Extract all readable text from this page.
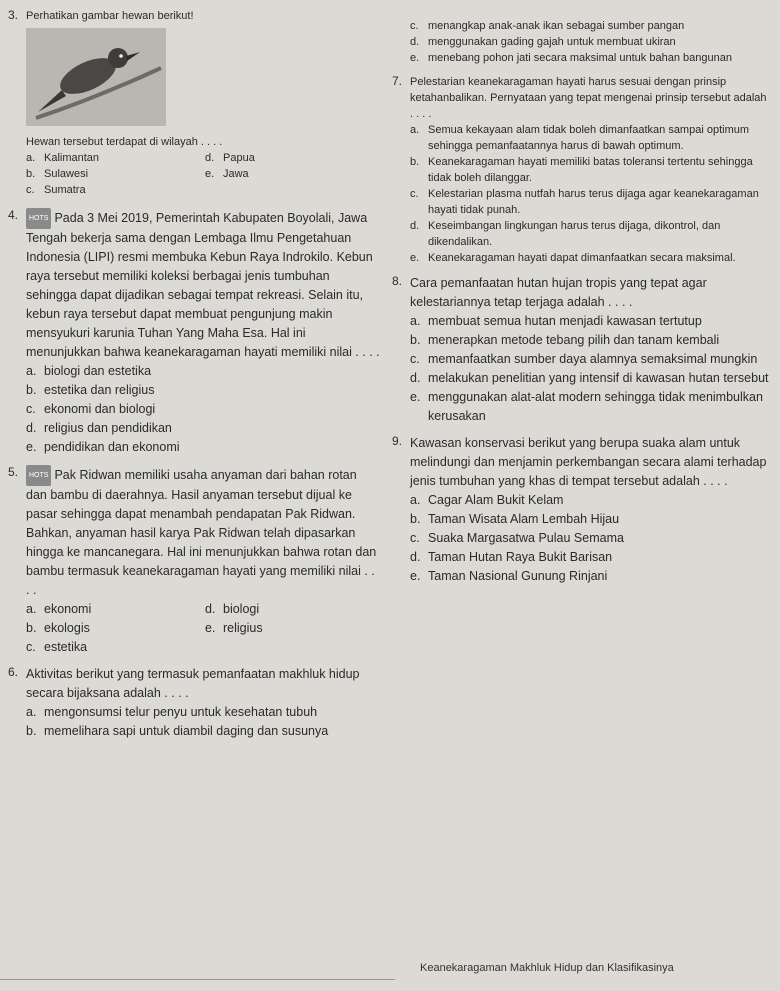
3. Perhatikan gambar hewan berikut!
Hewan tersebut terdapat di wilayah . . . .
a. Kalimantan	d. Papua
b. Sulawesi	e. Jawa
c. Sumatra
4.	HOTS Pada 3 Mei 2019, Pemerintah Kabupaten Boyolali, Jawa Tengah bekerja sama dengan Lembaga Ilmu Pengetahuan Indonesia (LIPI) resmi membuka Kebun Raya Indrokilo. Kebun raya tersebut memiliki koleksi berbagai jenis tumbuhan sehingga dapat dijadikan sebagai tempat rekreasi. Selain itu, kebun raya tersebut dapat membuat pengunjung makin mensyukuri karunia Tuhan Yang Maha Esa. Hal ini menunjukkan bahwa keanekaragaman hayati memiliki nilai . . . .
a. biologi dan estetika
b. estetika dan religius
c. ekonomi dan biologi
d. religius dan pendidikan
e. pendidikan dan ekonomi
5.	HOTS Pak Ridwan memiliki usaha anyaman dari bahan rotan dan bambu di daerahnya. Hasil anyaman tersebut dijual ke pasar sehingga dapat menambah pendapatan Pak Ridwan. Bahkan, anyaman hasil karya Pak Ridwan telah dipasarkan hingga ke mancanegara. Hal ini menunjukkan bahwa rotan dan bambu termasuk keanekaragaman hayati yang memiliki nilai . . . .
a. ekonomi	d. biologi
b. ekologis	e. religius
c. estetika
6. Aktivitas berikut yang termasuk pemanfaatan makhluk hidup secara bijaksana adalah . . . .
a. mengonsumsi telur penyu untuk kesehatan tubuh
b. memelihara sapi untuk diambil daging dan susunya
c. menangkap anak-anak ikan sebagai sumber pangan
d. menggunakan gading gajah untuk membuat ukiran
e. menebang pohon jati secara maksimal untuk bahan bangunan
7. Pelestarian keanekaragaman hayati harus sesuai dengan prinsip ketahanbalikan. Pernyataan yang tepat mengenai prinsip tersebut adalah . . . .
a. Semua kekayaan alam tidak boleh dimanfaatkan sampai optimum sehingga pemanfaatannya harus di bawah optimum.
b. Keanekaragaman hayati memiliki batas toleransi tertentu sehingga tidak boleh dilanggar.
c. Kelestarian plasma nutfah harus terus dijaga agar keanekaragaman hayati tidak punah.
d. Keseimbangan lingkungan harus terus dijaga, dikontrol, dan dikendalikan.
e. Keanekaragaman hayati dapat dimanfaatkan secara maksimal.
8. Cara pemanfaatan hutan hujan tropis yang tepat agar kelestariannya tetap terjaga adalah . . . .
a. membuat semua hutan menjadi kawasan tertutup
b. menerapkan metode tebang pilih dan tanam kembali
c. memanfaatkan sumber daya alamnya semaksimal mungkin
d. melakukan penelitian yang intensif di kawasan hutan tersebut
e. menggunakan alat-alat modern sehingga tidak menimbulkan kerusakan
9. Kawasan konservasi berikut yang berupa suaka alam untuk melindungi dan menjamin perkembangan secara alami terhadap jenis tumbuhan yang khas di tempat tersebut adalah . . . .
a. Cagar Alam Bukit Kelam
b. Taman Wisata Alam Lembah Hijau
c. Suaka Margasatwa Pulau Semama
d. Taman Hutan Raya Bukit Barisan
e. Taman Nasional Gunung Rinjani
Keanekaragaman Makhluk Hidup dan Klasifikasinya
